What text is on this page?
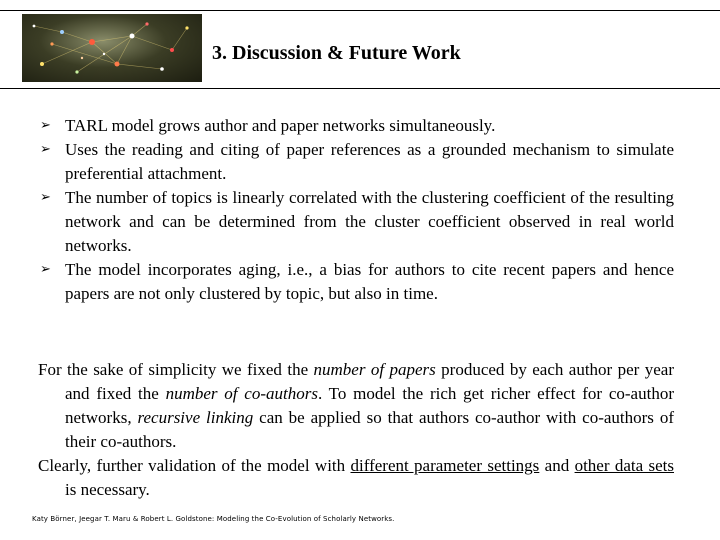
3. Discussion & Future Work
➢ TARL model grows author and paper networks simultaneously.
➢ Uses the reading and citing of paper references as a grounded mechanism to simulate preferential attachment.
➢ The number of topics is linearly correlated with the clustering coefficient of the resulting network and can be determined from the cluster coefficient observed in real world networks.
➢ The model incorporates aging, i.e., a bias for authors to cite recent papers and hence papers are not only clustered by topic, but also in time.
For the sake of simplicity we fixed the number of papers produced by each author per year and fixed the number of co-authors. To model the rich get richer effect for co-author networks, recursive linking can be applied so that authors co-author with co-authors of their co-authors.
Clearly, further validation of the model with different parameter settings and other data sets is necessary.
Katy Börner, Jeegar T. Maru & Robert L. Goldstone: Modeling the Co-Evolution of Scholarly Networks.
